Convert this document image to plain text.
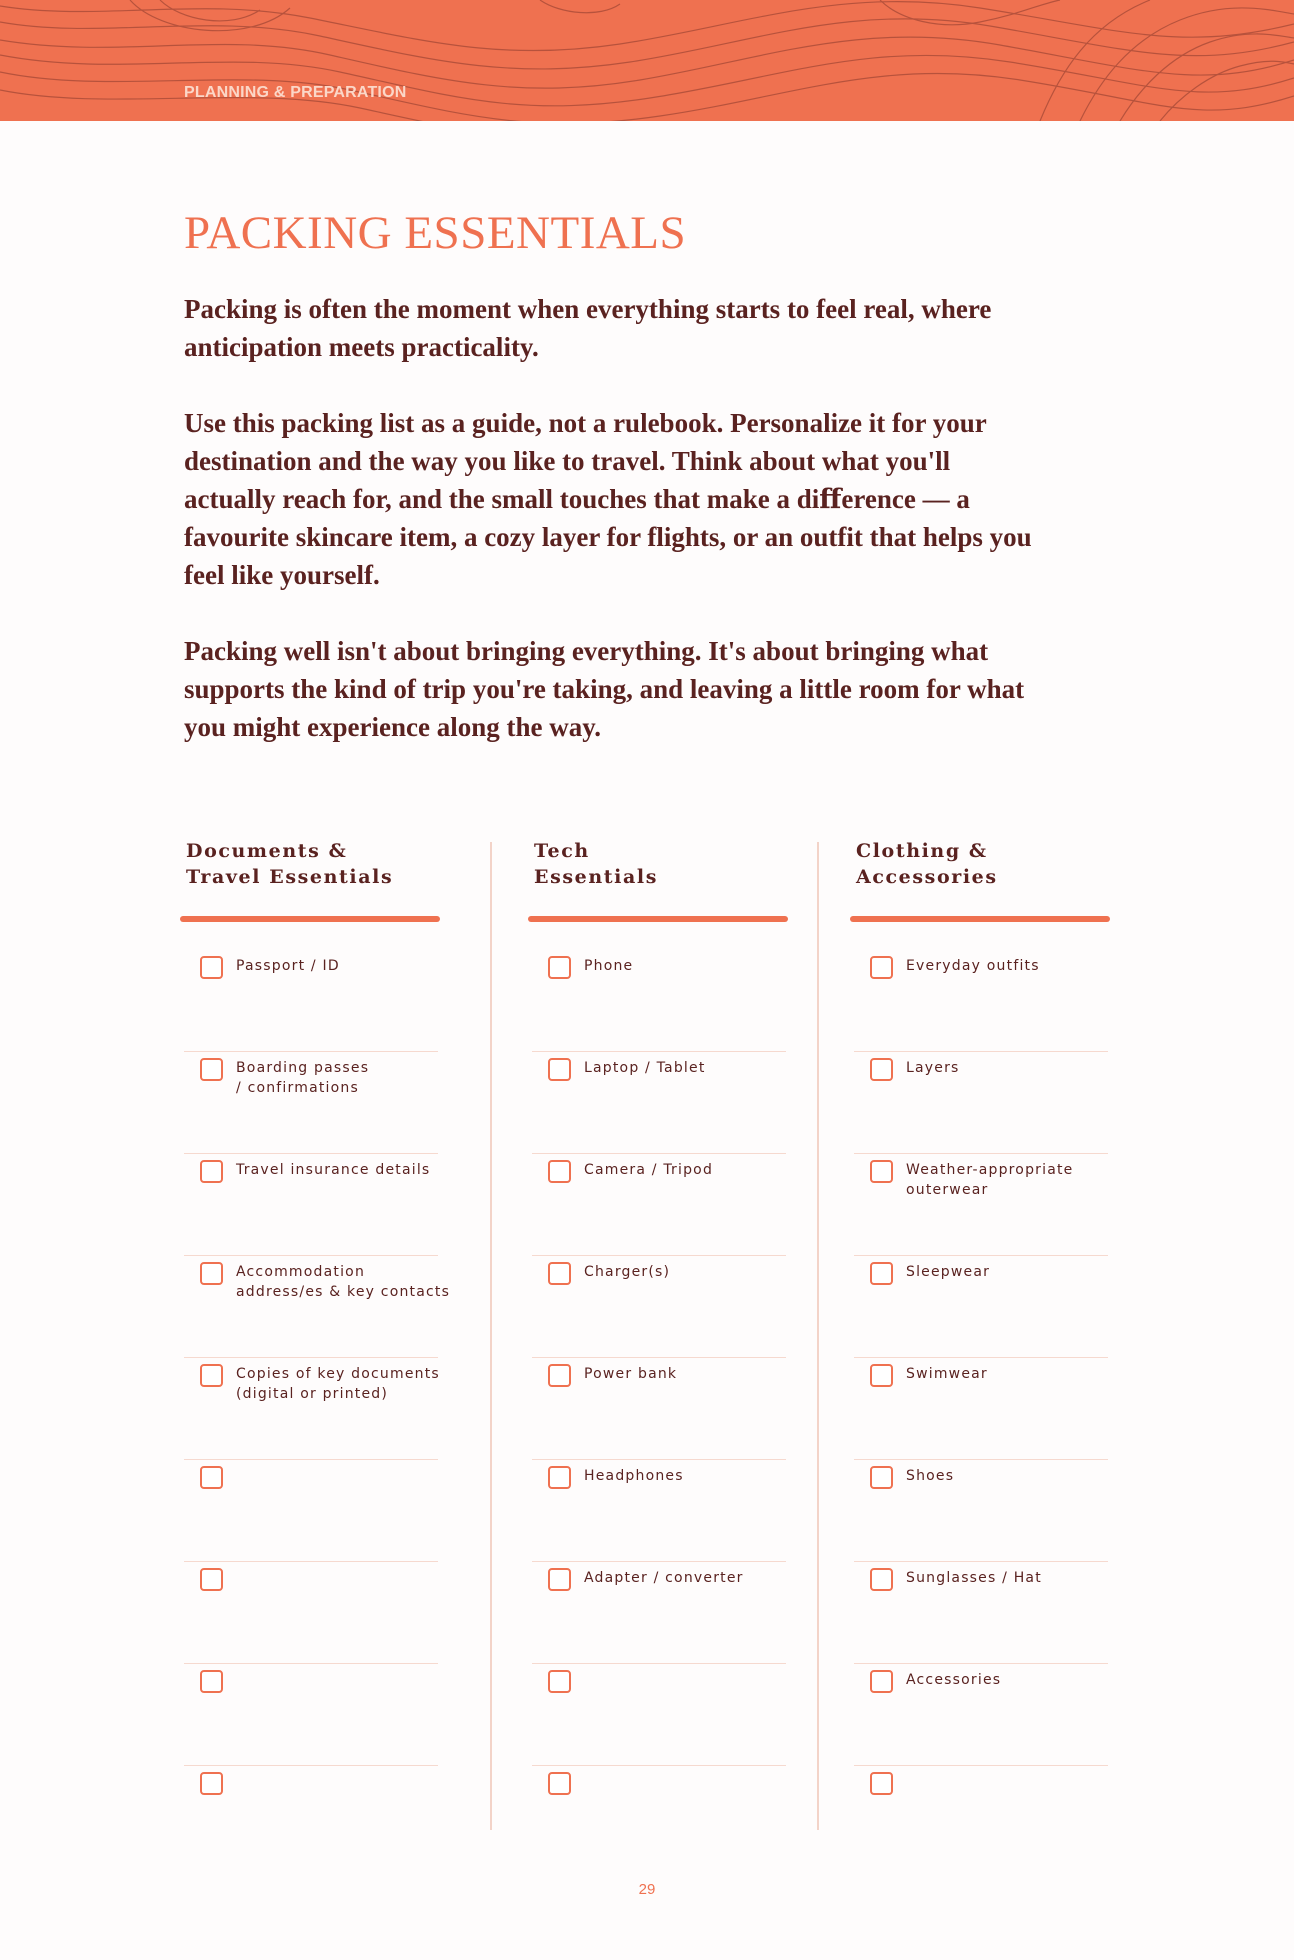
PLANNING & PREPARATION
PACKING ESSENTIALS

Packing is often the moment when everything starts to feel real, where anticipation meets practicality.

Use this packing list as a guide, not a rulebook. Personalize it for your destination and the way you like to travel. Think about what you'll actually reach for, and the small touches that make a diﬀerence — a favourite skincare item, a cozy layer for flights, or an outfit that helps you feel like yourself.

Packing well isn't about bringing everything. It's about bringing what supports the kind of trip you're taking, and leaving a little room for what you might experience along the way.

Documents &
Travel Essentials
Passport / ID
Boarding passes
/ confirmations
Travel insurance details
Accommodation
address/es & key contacts
Copies of key documents
(digital or printed)
Tech
Essentials
Phone
Laptop / Tablet
Camera / Tripod
Charger(s)
Power bank
Headphones
Adapter / converter
Clothing &
Accessories
Everyday outfits
Layers
Weather-appropriate
outerwear
Sleepwear
Swimwear
Shoes
Sunglasses / Hat
Accessories
29
